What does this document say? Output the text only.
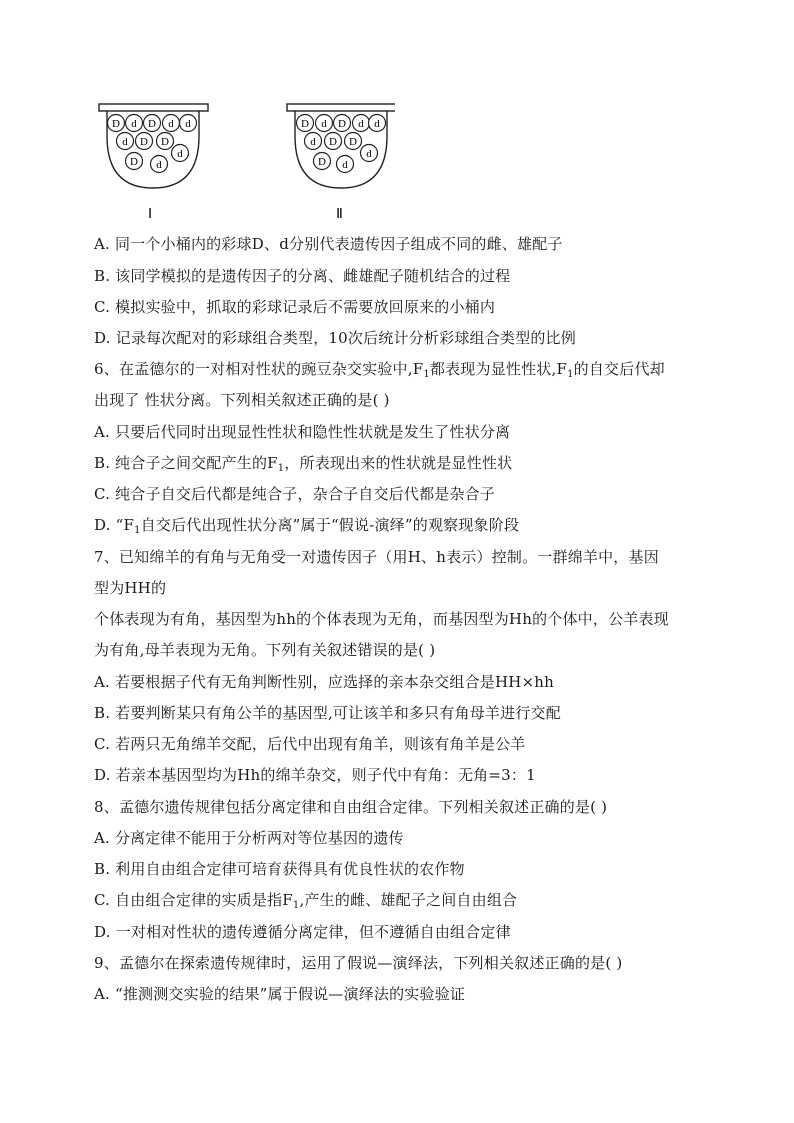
D d D d d
d D D
d
D d
D d D d d
d D D
d
D d
Ⅰ	Ⅱ
A. 同一个小桶内的彩球D、d分别代表遗传因子组成不同的雌、雄配子
B. 该同学模拟的是遗传因子的分离、雌雄配子随机结合的过程
C. 模拟实验中，抓取的彩球记录后不需要放回原来的小桶内
D. 记录每次配对的彩球组合类型，10次后统计分析彩球组合类型的比例
6、在孟德尔的一对相对性状的豌豆杂交实验中$,F_1$都表现为显性性状$,F_1$的自交后代却
出现了 性状分离。下列相关叙述正确的是( )
A. 只要后代同时出现显性性状和隐性性状就是发生了性状分离
B. 纯合子之间交配产生的$F_1$，所表现出来的性状就是显性性状
C. 纯合子自交后代都是纯合子，杂合子自交后代都是杂合子
D. “$F_1$自交后代出现性状分离”属于“假说-演绎”的观察现象阶段
7、已知绵羊的有角与无角受一对遗传因子（用H、h表示）控制。一群绵羊中，基因
型为HH的
个体表现为有角，基因型为hh的个体表现为无角，而基因型为Hh的个体中，公羊表现
为有角,母羊表现为无角。下列有关叙述错误的是( )
A. 若要根据子代有无角判断性别，应选择的亲本杂交组合是HH×hh
B. 若要判断某只有角公羊的基因型,可让该羊和多只有角母羊进行交配
C. 若两只无角绵羊交配，后代中出现有角羊，则该有角羊是公羊
D. 若亲本基因型均为Hh的绵羊杂交，则子代中有角：无角=3：1
8、孟德尔遗传规律包括分离定律和自由组合定律。下列相关叙述正确的是( )
A. 分离定律不能用于分析两对等位基因的遗传
B. 利用自由组合定律可培育获得具有优良性状的农作物
C. 自由组合定律的实质是指$F_1$,产生的雌、雄配子之间自由组合
D. 一对相对性状的遗传遵循分离定律，但不遵循自由组合定律
9、孟德尔在探索遗传规律时，运用了假说—演绎法，下列相关叙述正确的是( )
A. “推测测交实验的结果”属于假说—演绎法的实验验证
